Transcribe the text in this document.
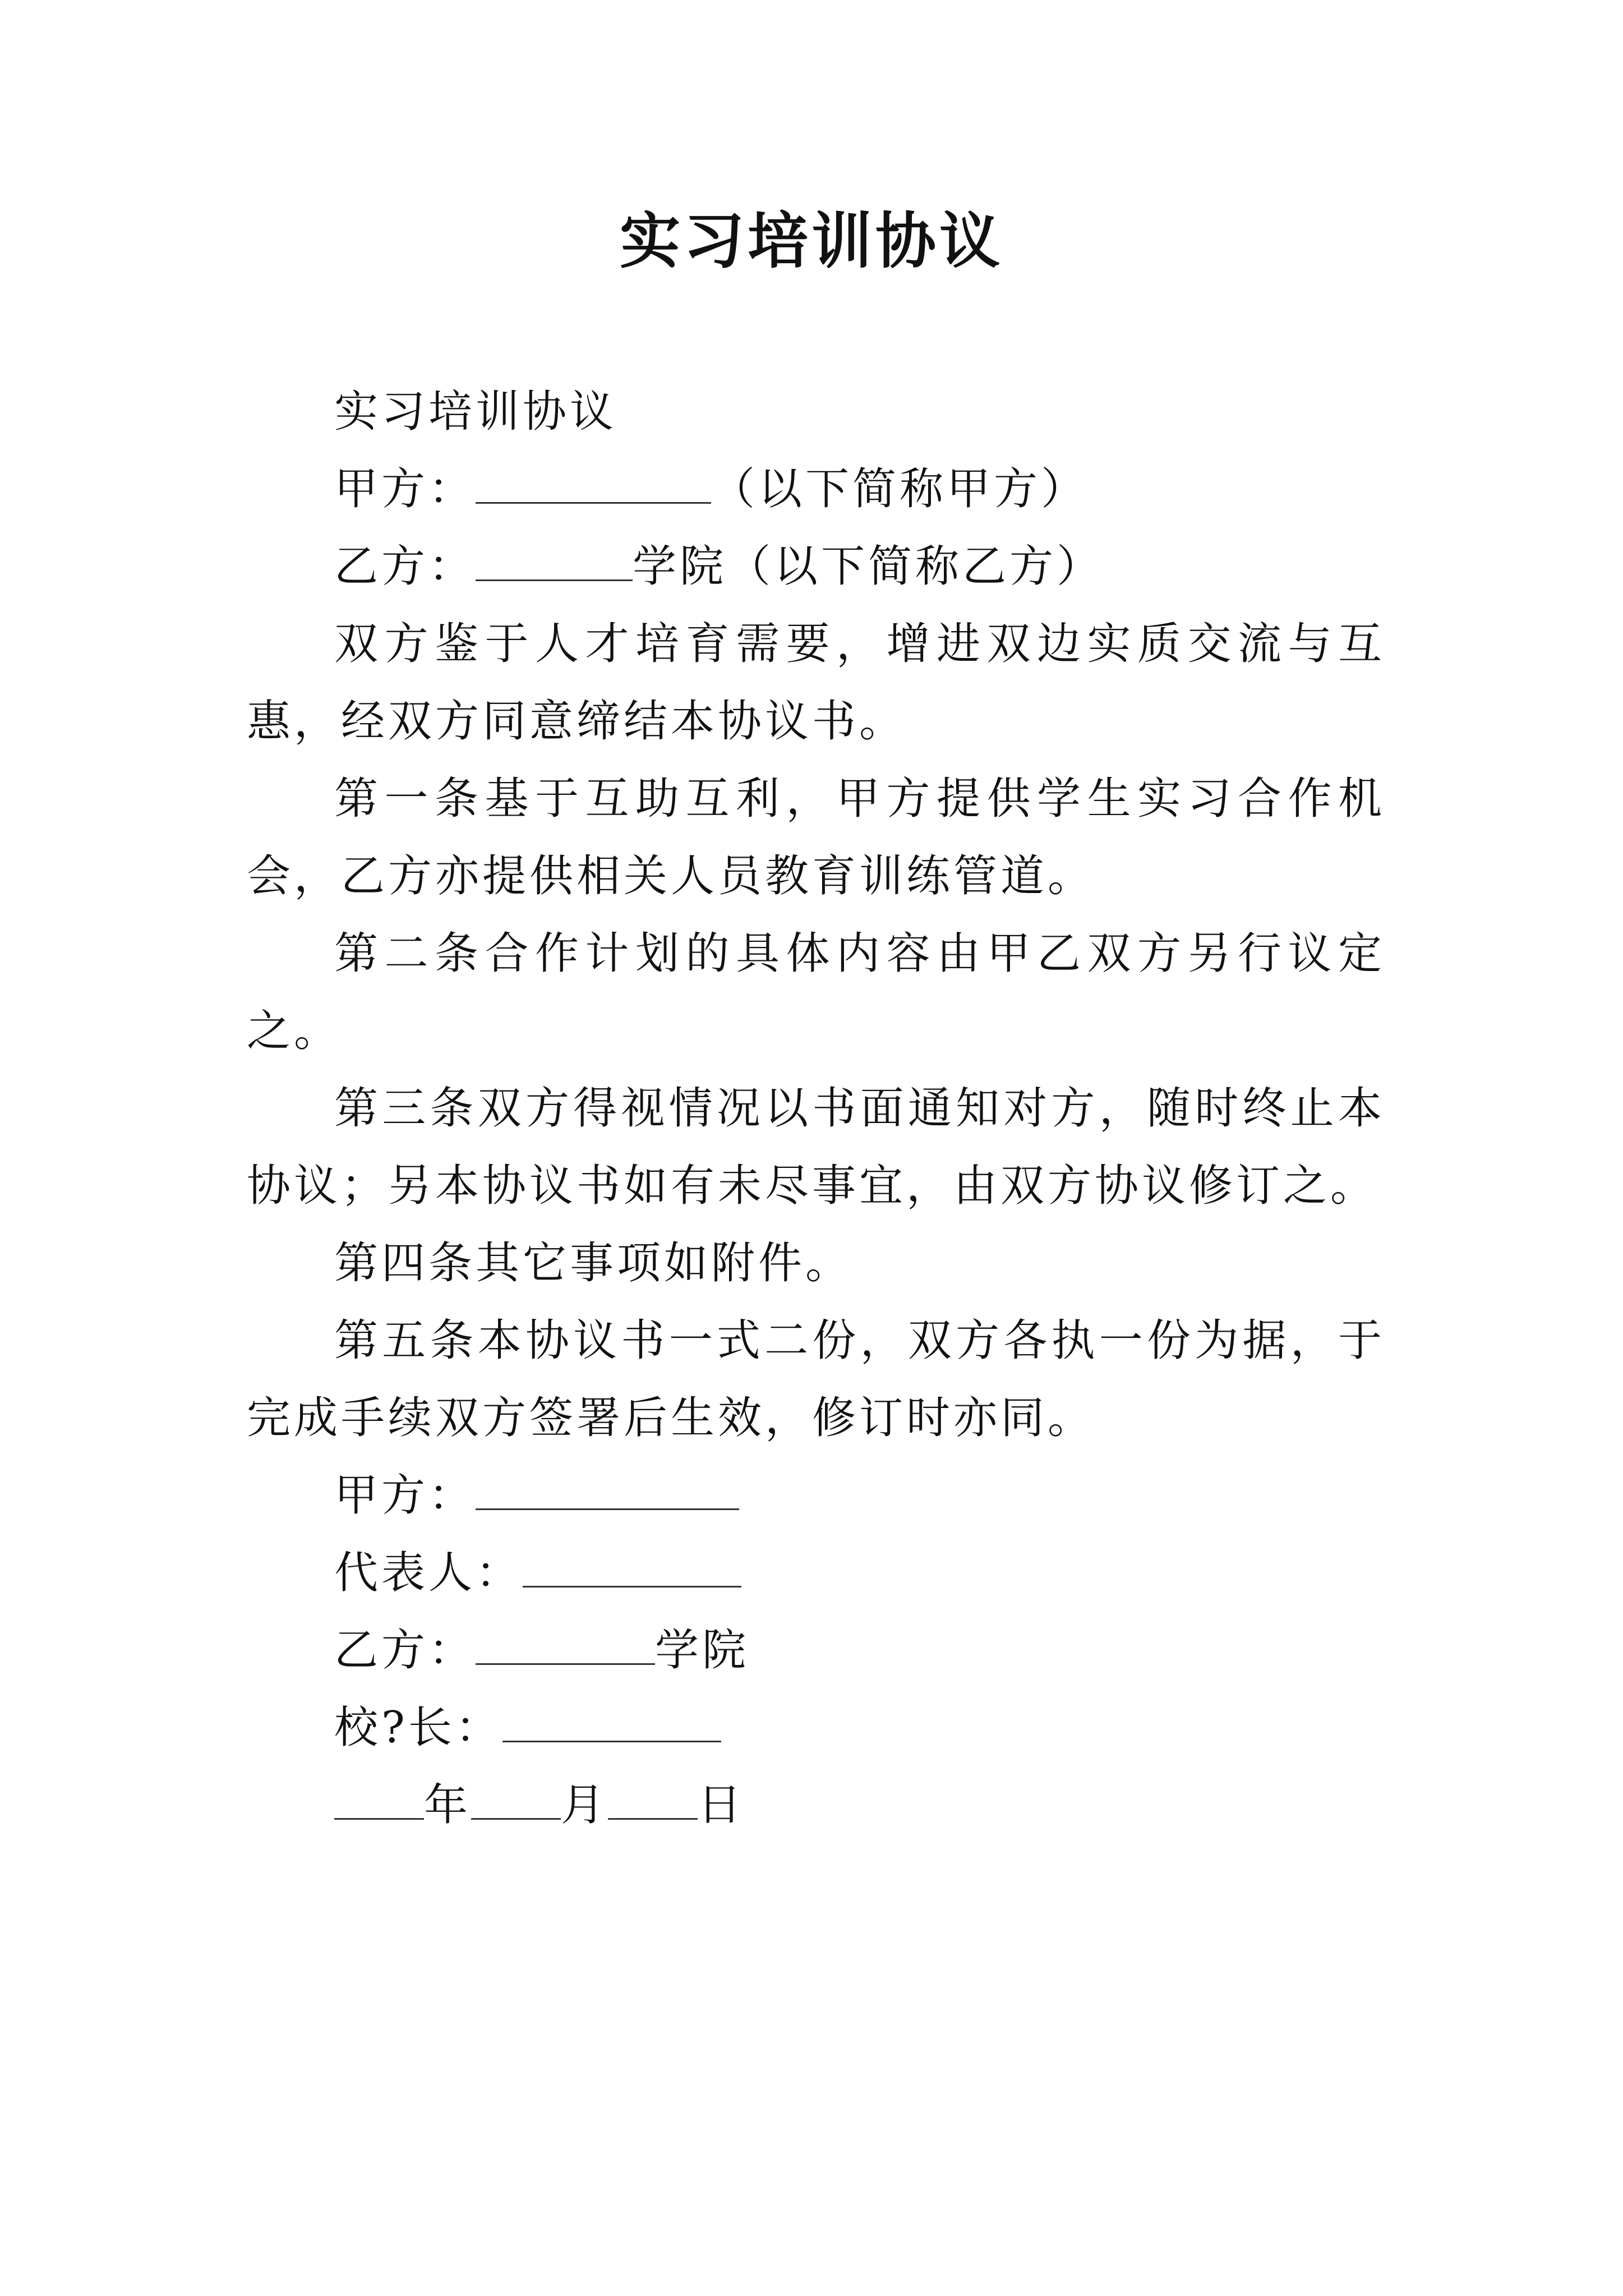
实习培训协议

实习培训协议

甲方：	（以下简称甲方）

乙方：	学院（以下简称乙方）

双方鉴于人才培育需要，增进双边实质交流与互惠，经双方同意缔结本协议书。

第一条基于互助互利，甲方提供学生实习合作机会，乙方亦提供相关人员教育训练管道。

第二条合作计划的具体内容由甲乙双方另行议定之。

第三条双方得视情况以书面通知对方，随时终止本协议；另本协议书如有未尽事宜，由双方协议修订之。

第四条其它事项如附件。

第五条本协议书一式二份，双方各执一份为据，于完成手续双方签署后生效，修订时亦同。

甲方：

代表人：

乙方：	学院

校?长：

年 月 日
